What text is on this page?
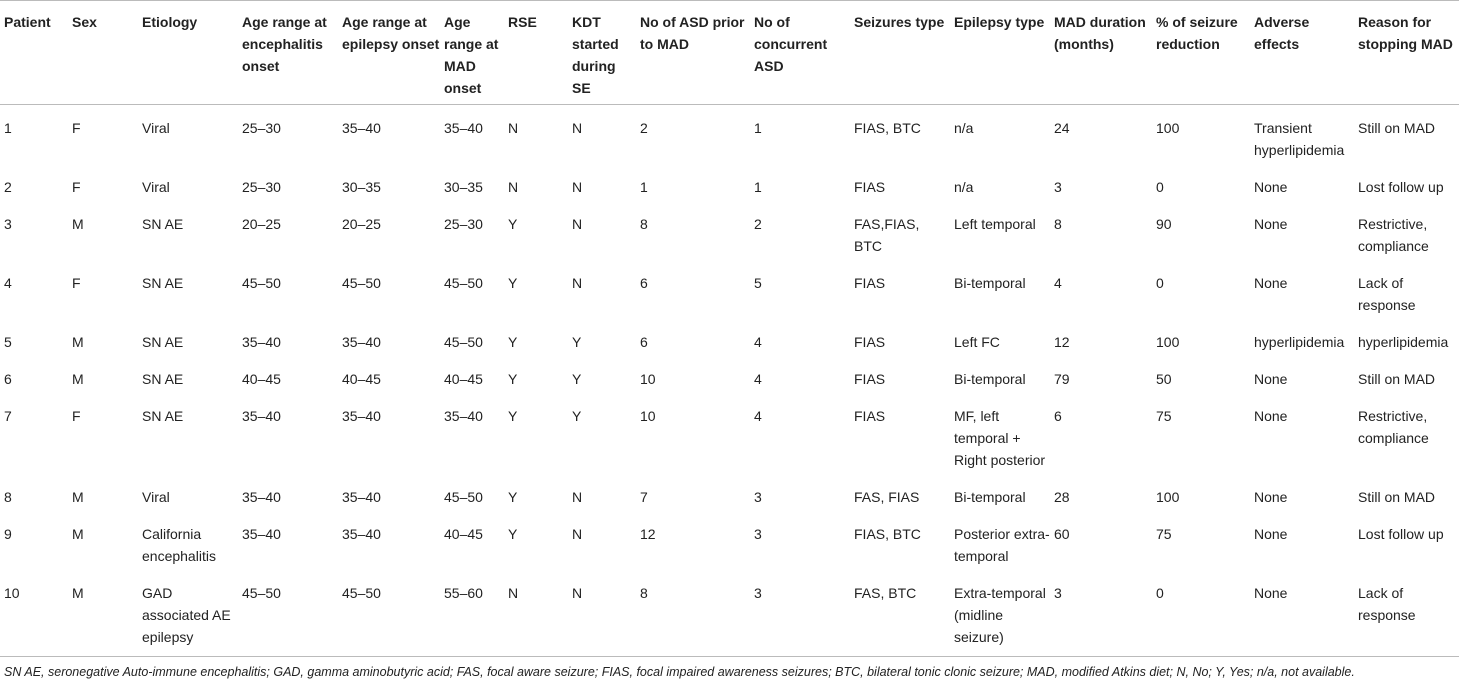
Patient	Sex	Etiology	Age range at encephalitis onset	Age range at epilepsy onset	Age range at MAD onset	RSE	KDT started during SE	No of ASD prior to MAD	No of concurrent ASD	Seizures type	Epilepsy type	MAD duration (months)	% of seizure reduction	Adverse effects	Reason for stopping MAD
1	F	Viral	25–30	35–40	35–40	N	N	2	1	FIAS, BTC	n/a	24	100	Transient hyperlipidemia	Still on MAD
2	F	Viral	25–30	30–35	30–35	N	N	1	1	FIAS	n/a	3	0	None	Lost follow up
3	M	SN AE	20–25	20–25	25–30	Y	N	8	2	FAS,FIAS, BTC	Left temporal	8	90	None	Restrictive, compliance
4	F	SN AE	45–50	45–50	45–50	Y	N	6	5	FIAS	Bi-temporal	4	0	None	Lack of response
5	M	SN AE	35–40	35–40	45–50	Y	Y	6	4	FIAS	Left FC	12	100	hyperlipidemia	hyperlipidemia
6	M	SN AE	40–45	40–45	40–45	Y	Y	10	4	FIAS	Bi-temporal	79	50	None	Still on MAD
7	F	SN AE	35–40	35–40	35–40	Y	Y	10	4	FIAS	MF, left temporal + Right posterior	6	75	None	Restrictive, compliance
8	M	Viral	35–40	35–40	45–50	Y	N	7	3	FAS, FIAS	Bi-temporal	28	100	None	Still on MAD
9	M	California encephalitis	35–40	35–40	40–45	Y	N	12	3	FIAS, BTC	Posterior extra-temporal	60	75	None	Lost follow up
10	M	GAD associated AE epilepsy	45–50	45–50	55–60	N	N	8	3	FAS, BTC	Extra-temporal (midline seizure)	3	0	None	Lack of response
SN AE, seronegative Auto-immune encephalitis; GAD, gamma aminobutyric acid; FAS, focal aware seizure; FIAS, focal impaired awareness seizures; BTC, bilateral tonic clonic seizure; MAD, modified Atkins diet; N, No; Y, Yes; n/a, not available.
